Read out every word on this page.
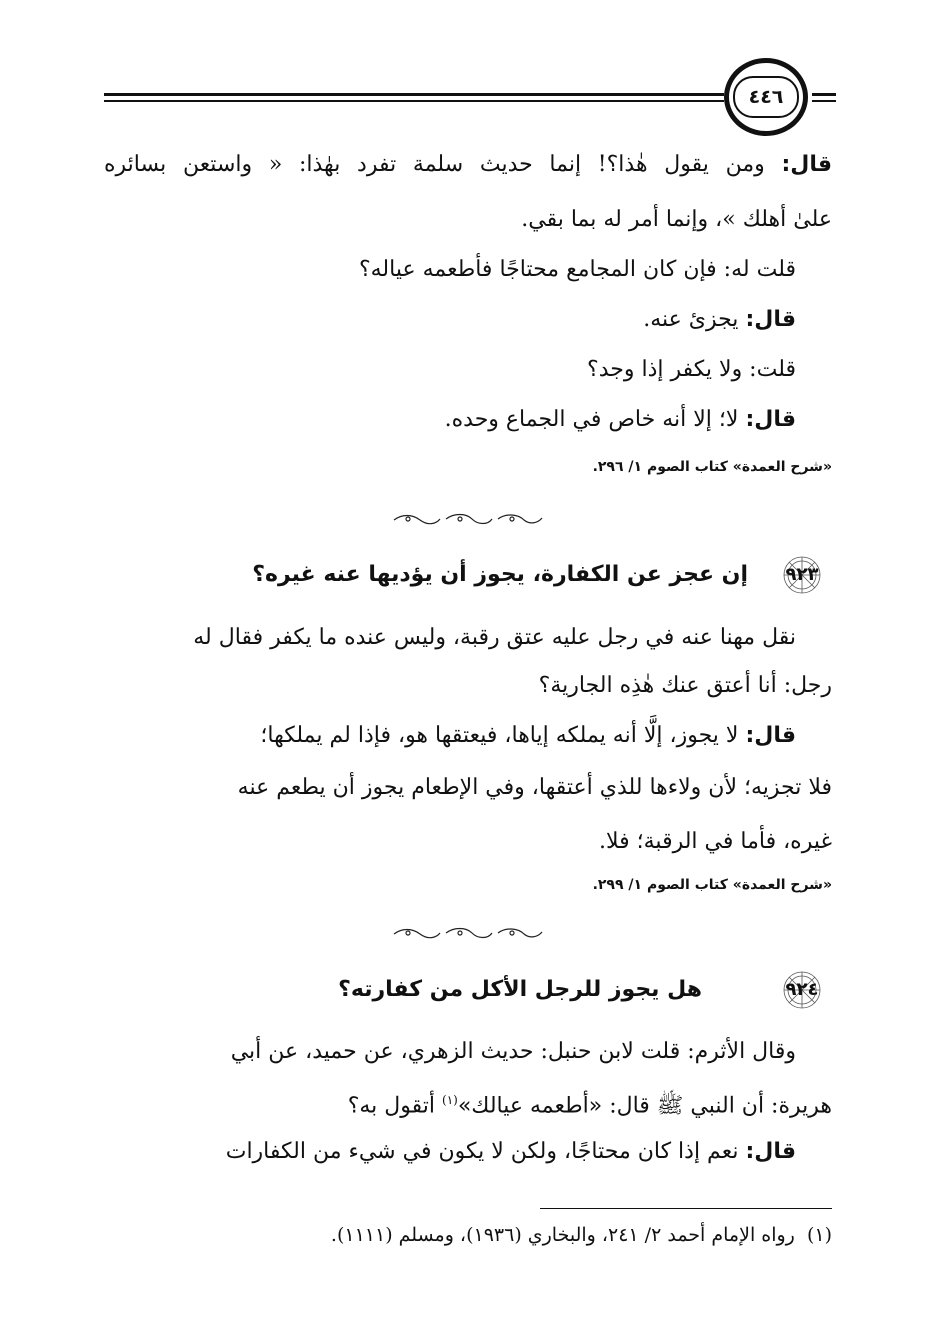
٤٤٦
قال: ومن يقول هٰذا؟! إنما حديث سلمة تفرد بهٰذا: « واستعن بسائره
علىٰ أهلك »، وإنما أمر له بما بقي.
قلت له: فإن كان المجامع محتاجًا فأطعمه عياله؟
قال: يجزئ عنه.
قلت: ولا يكفر إذا وجد؟
قال: لا؛ إلا أنه خاص في الجماع وحده.
«شرح العمدة» كتاب الصوم ١/ ٢٩٦.
٩٢٣
إن عجز عن الكفارة، يجوز أن يؤديها عنه غيره؟
نقل مهنا عنه في رجل عليه عتق رقبة، وليس عنده ما يكفر فقال له
رجل: أنا أعتق عنك هٰذِه الجارية؟
قال: لا يجوز، إلَّا أنه يملكه إياها، فيعتقها هو، فإذا لم يملكها؛
فلا تجزيه؛ لأن ولاءها للذي أعتقها، وفي الإطعام يجوز أن يطعم عنه
غيره، فأما في الرقبة؛ فلا.
«شرح العمدة» كتاب الصوم ١/ ٢٩٩.
٩٢٤
هل يجوز للرجل الأكل من كفارته؟
وقال الأثرم: قلت لابن حنبل: حديث الزهري، عن حميد، عن أبي
هريرة: أن النبي ﷺ قال: «أطعمه عيالك»$^{(١)}$ أتقول به؟
قال: نعم إذا كان محتاجًا، ولكن لا يكون في شيء من الكفارات
(١)  رواه الإمام أحمد ٢/ ٢٤١، والبخاري (١٩٣٦)، ومسلم (١١١١).
